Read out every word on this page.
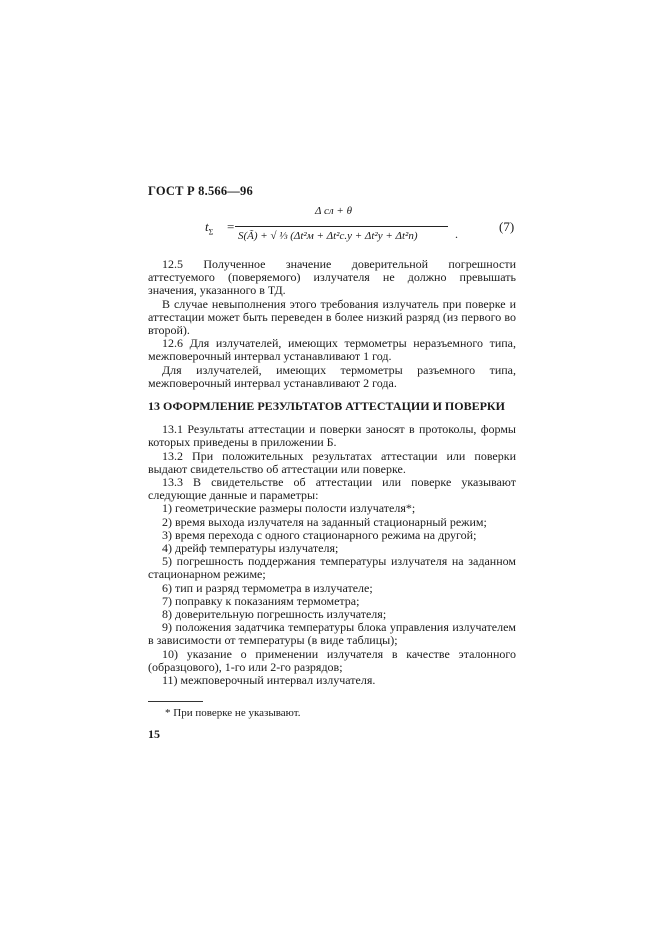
ГОСТ Р 8.566—96
$t_\Sigma$ =
Δ сл + θ
S(Ã) + √ ⅓ (Δt²м + Δt²с.у + Δt²у + Δt²п)	.	(7)

12.5 Полученное значение доверительной погрешности аттестуемого (поверяемого) излучателя не должно превышать значения, указанного в ТД.

В случае невыполнения этого требования излучатель при поверке и аттестации может быть переведен в более низкий разряд (из первого во второй).

12.6 Для излучателей, имеющих термометры неразъемного типа, межповерочный интервал устанавливают 1 год.

Для излучателей, имеющих термометры разъемного типа, межповерочный интервал устанавливают 2 года.

13 ОФОРМЛЕНИЕ РЕЗУЛЬТАТОВ АТТЕСТАЦИИ И ПОВЕРКИ

13.1 Результаты аттестации и поверки заносят в протоколы, формы которых приведены в приложении Б.

13.2 При положительных результатах аттестации или поверки выдают свидетельство об аттестации или поверке.

13.3 В свидетельстве об аттестации или поверке указывают следующие данные и параметры:

1) геометрические размеры полости излучателя*;

2) время выхода излучателя на заданный стационарный режим;

3) время перехода с одного стационарного режима на другой;

4) дрейф температуры излучателя;

5) погрешность поддержания температуры излучателя на заданном стационарном режиме;

6) тип и разряд термометра в излучателе;

7) поправку к показаниям термометра;

8) доверительную погрешность излучателя;

9) положения задатчика температуры блока управления излучателем в зависимости от температуры (в виде таблицы);

10) указание о применении излучателя в качестве эталонного (образцового), 1-го или 2-го разрядов;

11) межповерочный интервал излучателя.

* При поверке не указывают.
15
